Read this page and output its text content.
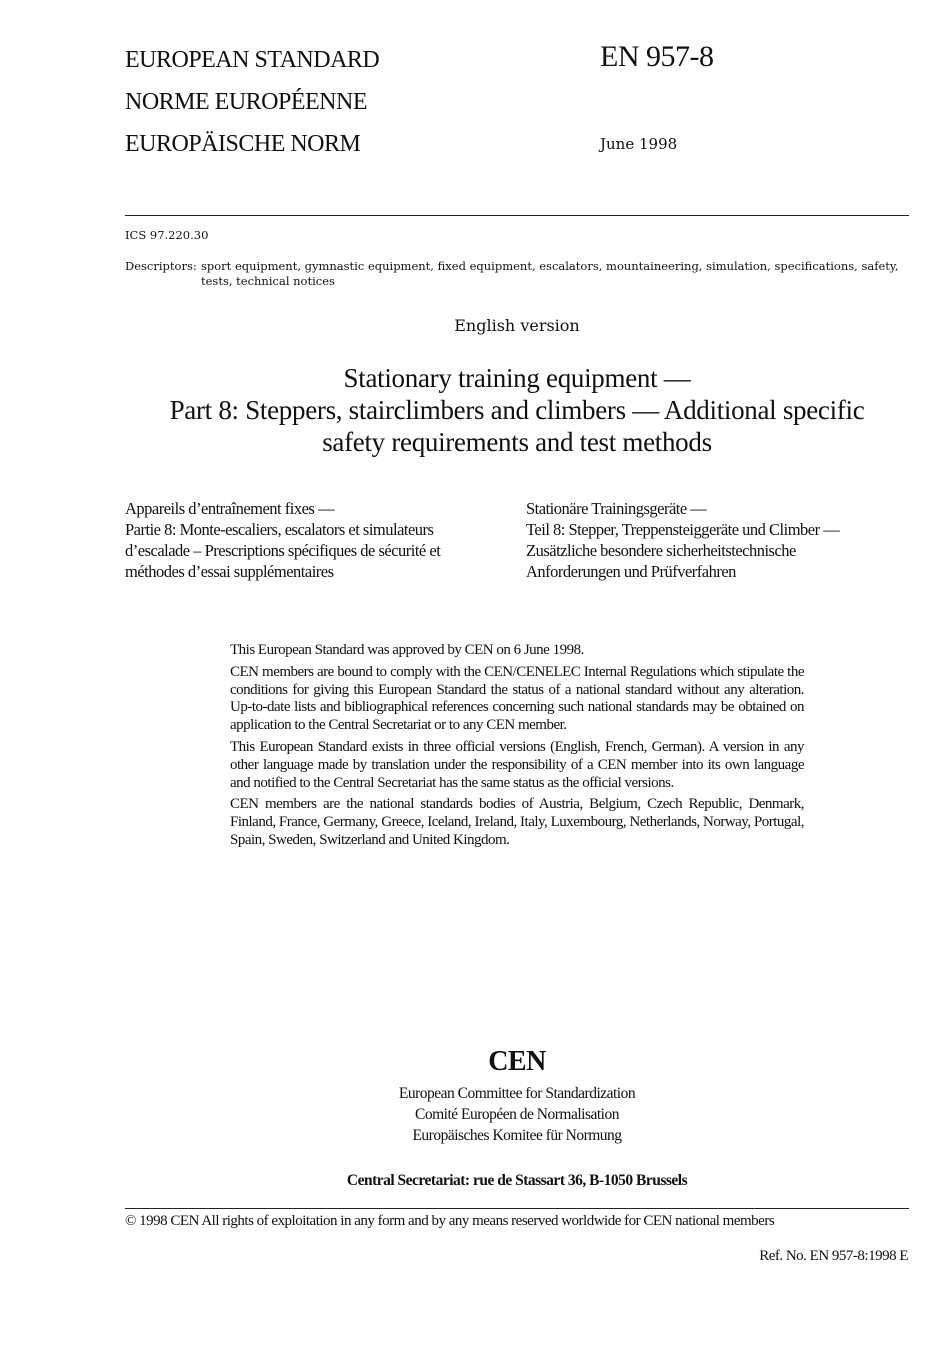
EUROPEAN STANDARD
NORME EUROPÉENNE
EUROPÄISCHE NORM
EN 957-8
June 1998
ICS 97.220.30
Descriptors: sport equipment, gymnastic equipment, fixed equipment, escalators, mountaineering, simulation, specifications, safety, tests, technical notices
English version
Stationary training equipment —
Part 8: Steppers, stairclimbers and climbers — Additional specific
safety requirements and test methods
Appareils d’entraînement fixes —
Partie 8: Monte-escaliers, escalators et simulateurs
d’escalade – Prescriptions spécifiques de sécurité et
méthodes d’essai supplémentaires
Stationäre Trainingsgeräte —
Teil 8: Stepper, Treppensteiggeräte und Climber —
Zusätzliche besondere sicherheitstechnische
Anforderungen und Prüfverfahren

This European Standard was approved by CEN on 6 June 1998.

CEN members are bound to comply with the CEN/CENELEC Internal Regulations which stipulate the conditions for giving this European Standard the status of a national standard without any alteration. Up-to-date lists and bibliographical references concerning such national standards may be obtained on application to the Central Secretariat or to any CEN member.

This European Standard exists in three official versions (English, French, German). A version in any other language made by translation under the responsibility of a CEN member into its own language and notified to the Central Secretariat has the same status as the official versions.

CEN members are the national standards bodies of Austria, Belgium, Czech Republic, Denmark, Finland, France, Germany, Greece, Iceland, Ireland, Italy, Luxembourg, Netherlands, Norway, Portugal, Spain, Sweden, Switzerland and United Kingdom.

CEN
European Committee for Standardization
Comité Européen de Normalisation
Europäisches Komitee für Normung
Central Secretariat: rue de Stassart 36, B-1050 Brussels
© 1998 CEN All rights of exploitation in any form and by any means reserved worldwide for CEN national members
Ref. No. EN 957-8:1998 E
